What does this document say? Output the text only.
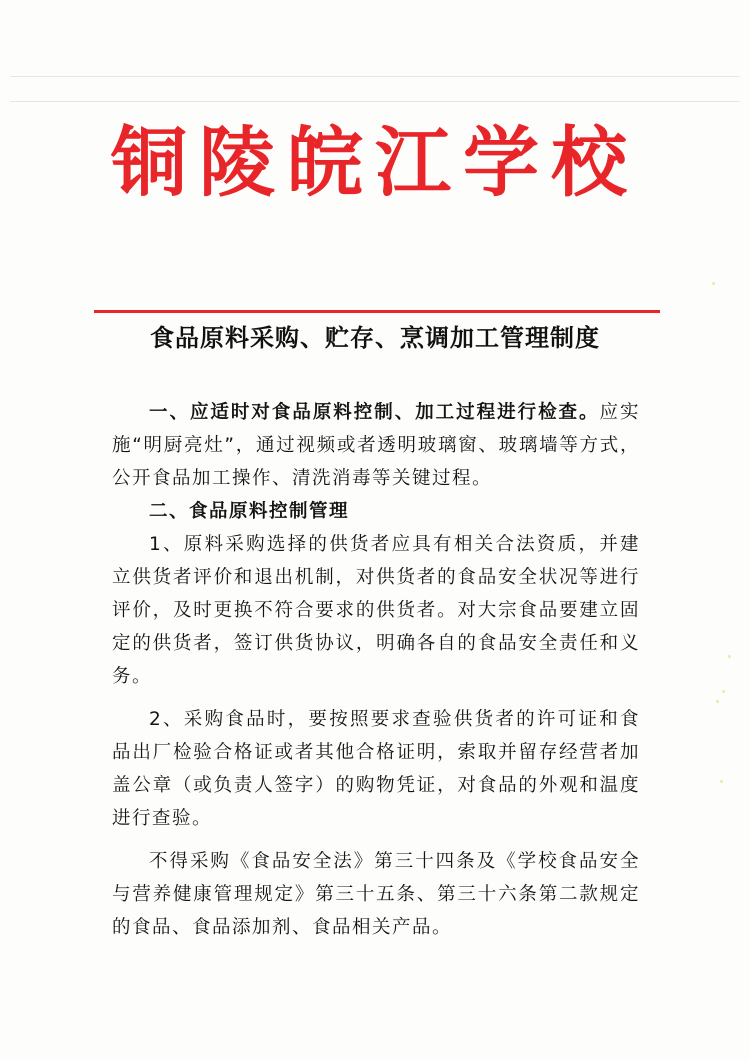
铜陵皖江学校
食品原料采购、贮存、烹调加工管理制度

一、应适时对食品原料控制、加工过程进行检查。应实施“明厨亮灶”，通过视频或者透明玻璃窗、玻璃墙等方式，公开食品加工操作、清洗消毒等关键过程。

二、食品原料控制管理

1、原料采购选择的供货者应具有相关合法资质，并建立供货者评价和退出机制，对供货者的食品安全状况等进行评价，及时更换不符合要求的供货者。对大宗食品要建立固定的供货者，签订供货协议，明确各自的食品安全责任和义务。

2、采购食品时，要按照要求查验供货者的许可证和食品出厂检验合格证或者其他合格证明，索取并留存经营者加盖公章（或负责人签字）的购物凭证，对食品的外观和温度进行查验。

不得采购《食品安全法》第三十四条及《学校食品安全与营养健康管理规定》第三十五条、第三十六条第二款规定的食品、食品添加剂、食品相关产品。
